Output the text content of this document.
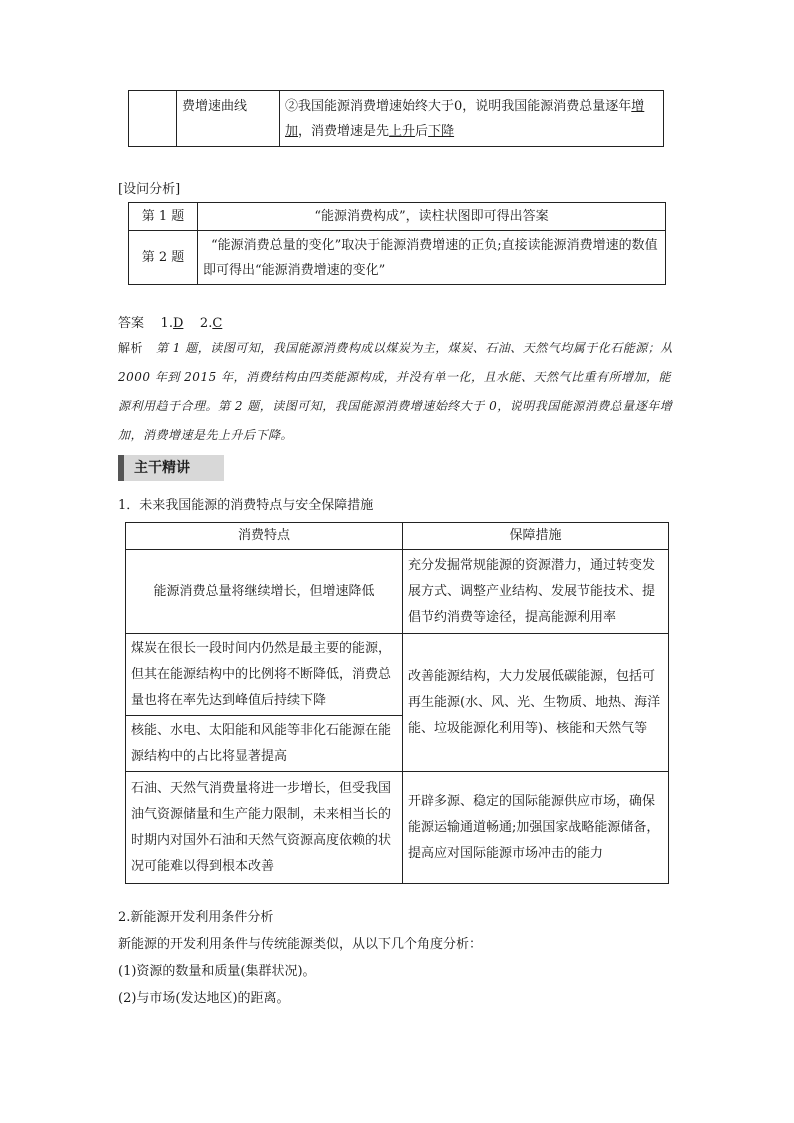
	费增速曲线	②我国能源消费增速始终大于0，说明我国能源消费总量逐年增加，消费增速是先上升后下降
[设问分析]
第 1 题	“能源消费构成”，读柱状图即可得出答案
第 2 题	“能源消费总量的变化”取决于能源消费增速的正负;直接读能源消费增速的数值即可得出“能源消费增速的变化”
答案 1.D 2.C
解析 第 1 题，读图可知，我国能源消费构成以煤炭为主，煤炭、石油、天然气均属于化石能源；从 2000 年到 2015 年，消费结构由四类能源构成，并没有单一化，且水能、天然气比重有所增加，能源利用趋于合理。第 2 题，读图可知，我国能源消费增速始终大于 0，说明我国能源消费总量逐年增加，消费增速是先上升后下降。
主干精讲
1．未来我国能源的消费特点与安全保障措施
消费特点	保障措施
能源消费总量将继续增长，但增速降低	充分发掘常规能源的资源潜力，通过转变发展方式、调整产业结构、发展节能技术、提倡节约消费等途径，提高能源利用率
煤炭在很长一段时间内仍然是最主要的能源，但其在能源结构中的比例将不断降低，消费总量也将在率先达到峰值后持续下降	改善能源结构，大力发展低碳能源，包括可再生能源(水、风、光、生物质、地热、海洋能、垃圾能源化利用等)、核能和天然气等
核能、水电、太阳能和风能等非化石能源在能源结构中的占比将显著提高	
石油、天然气消费量将进一步增长，但受我国油气资源储量和生产能力限制，未来相当长的时期内对国外石油和天然气资源高度依赖的状况可能难以得到根本改善	开辟多源、稳定的国际能源供应市场，确保能源运输通道畅通;加强国家战略能源储备，提高应对国际能源市场冲击的能力
2.新能源开发利用条件分析
新能源的开发利用条件与传统能源类似，从以下几个角度分析：
(1)资源的数量和质量(集群状况)。
(2)与市场(发达地区)的距离。
